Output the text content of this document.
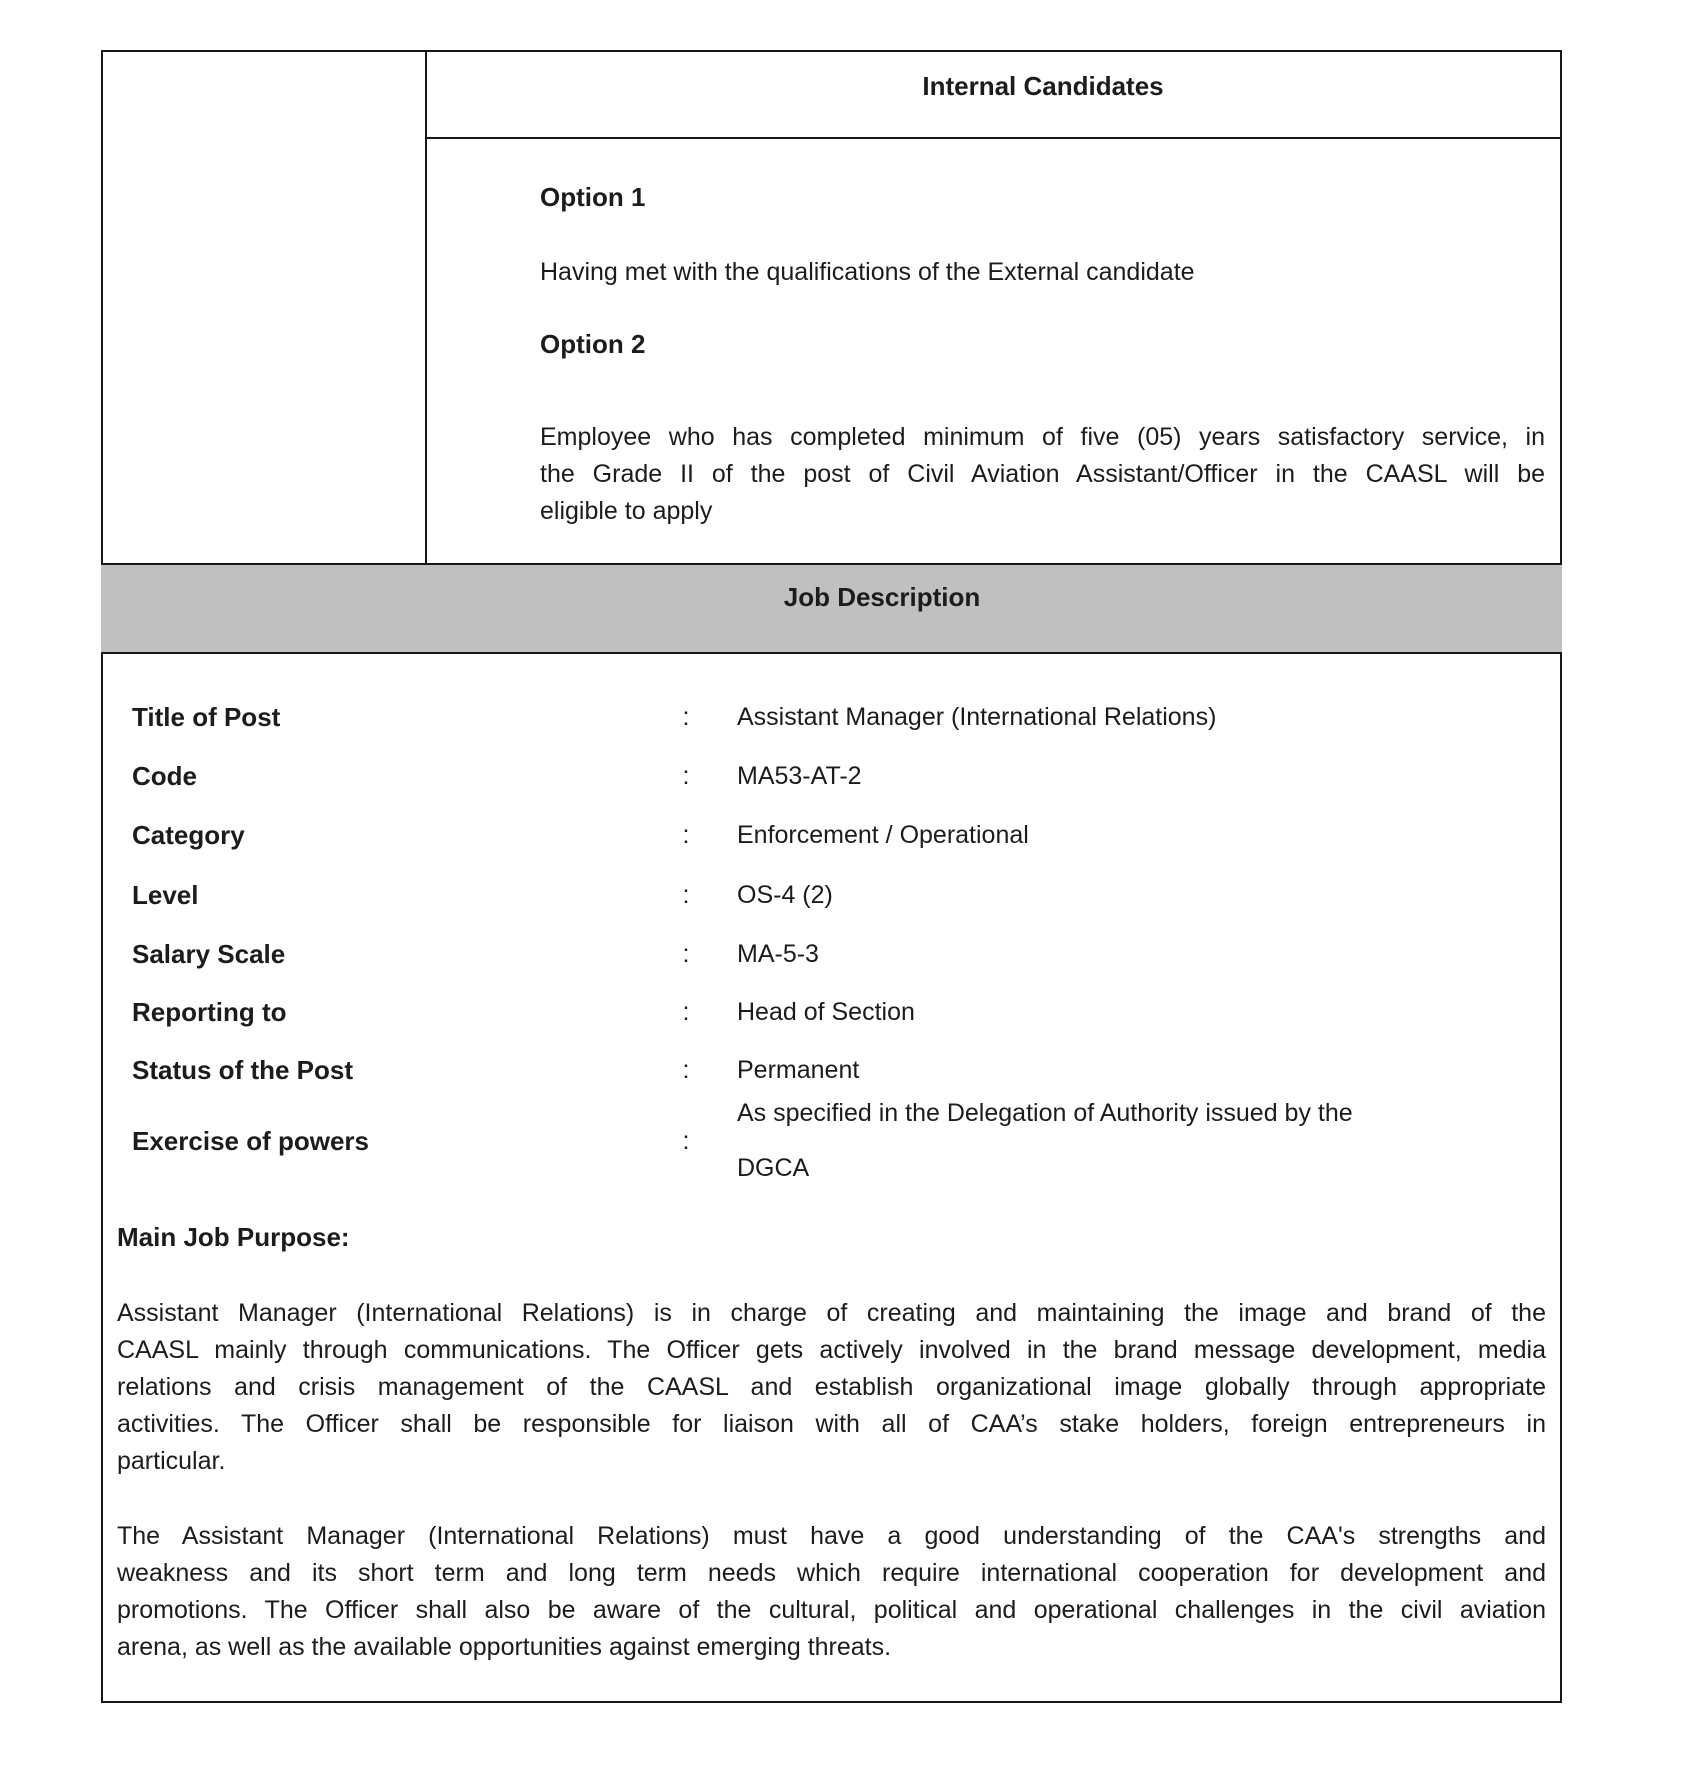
Internal Candidates
Option 1
Having met with the qualifications of the External candidate
Option 2
Employee who has completed minimum of five (05) years satisfactory service, in
the Grade II of the post of Civil Aviation Assistant/Officer in the CAASL will be
eligible to apply
Job Description
Title of Post	: Assistant Manager (International Relations)
Code	: MA53-AT-2
Category	: Enforcement / Operational
Level	: OS-4 (2)
Salary Scale	: MA-5-3
Reporting to	: Head of Section
Status of the Post	: Permanent
Exercise of powers	:
As specified in the Delegation of Authority issued by the
DGCA
Main Job Purpose:
Assistant Manager (International Relations) is in charge of creating and maintaining the image and brand of the
CAASL mainly through communications. The Officer gets actively involved in the brand message development, media
relations and crisis management of the CAASL and establish organizational image globally through appropriate
activities. The Officer shall be responsible for liaison with all of CAA’s stake holders, foreign entrepreneurs in
particular.
The Assistant Manager (International Relations) must have a good understanding of the CAA's strengths and
weakness and its short term and long term needs which require international cooperation for development and
promotions. The Officer shall also be aware of the cultural, political and operational challenges in the civil aviation
arena, as well as the available opportunities against emerging threats.
